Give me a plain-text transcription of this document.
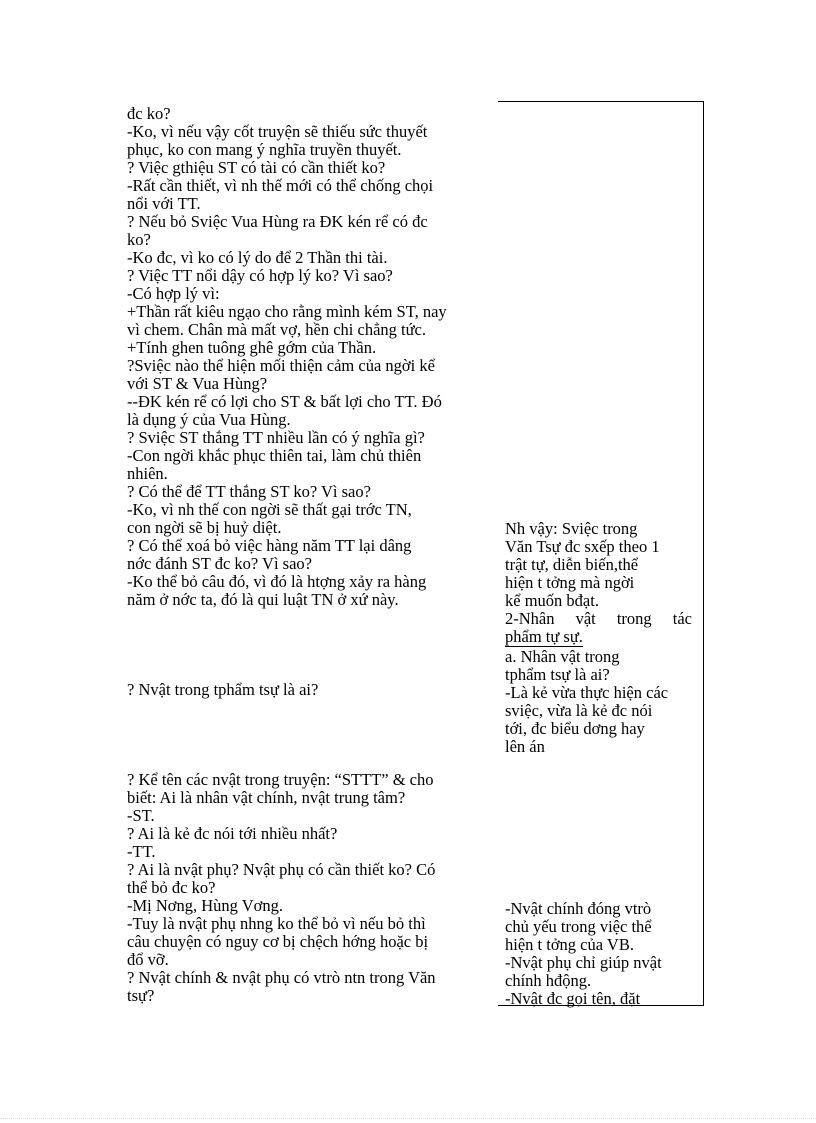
đc ko?
-Ko, vì nếu vậy cốt truyện sẽ thiếu sức thuyết
phục, ko con mang ý nghĩa truyền thuyết.
? Việc gthiệu ST có tài có cần thiết ko?
-Rất cần thiết, vì nh thế mới có thể chống chọi
nổi với TT.
? Nếu bỏ Sviệc Vua Hùng ra ĐK kén rể có đc
ko?
-Ko đc, vì ko có lý do để 2 Thần thi tài.
? Việc TT nổi dậy có hợp lý ko? Vì sao?
-Có hợp lý vì:
+Thần rất kiêu ngạo cho rằng mình kém ST, nay
vì chem. Chân mà mất vợ, hền chi chẳng tức.
+Tính ghen tuông ghê gớm của Thần.
?Sviệc nào thể hiện mối thiện cảm của ngời kể
với ST & Vua Hùng?
--ĐK kén rể có lợi cho ST & bất lợi cho TT. Đó
là dụng ý của Vua Hùng.
? Sviệc ST thắng TT nhiều lần có ý nghĩa gì?
-Con ngời khắc phục thiên tai, làm chủ thiên
nhiên.
? Có thể để TT thắng ST ko? Vì sao?
-Ko, vì nh thế con ngời sẽ thất gại trớc TN,
con ngời sẽ bị huỷ diệt.
? Có thể xoá bỏ việc hàng năm TT lại dâng
nớc đánh ST đc ko? Vì sao?
-Ko thể bỏ câu đó, vì đó là htợng xảy ra hàng
năm ở nớc ta, đó là qui luật TN ở xứ này.
? Nvật trong tphẩm tsự là ai?
? Kể tên các nvật trong truyện: “STTT” & cho
biết: Ai là nhân vật chính, nvật trung tâm?
-ST.
? Ai là kẻ đc nói tới nhiều nhất?
-TT.
? Ai là nvật phụ? Nvật phụ có cần thiết ko? Có
thể bỏ đc ko?
-Mị Nơng, Hùng Vơng.
-Tuy là nvật phụ nhng ko thể bỏ vì nếu bỏ thì
câu chuyện có nguy cơ bị chệch hớng hoặc bị
đổ vỡ.
? Nvật chính & nvật phụ có vtrò ntn trong Văn
tsự?
Nh vậy: Sviệc trong
Văn Tsự đc sxếp theo 1
trật tự, diễn biến,thể
hiện t tởng mà ngời
kể muốn bđạt.
2-Nhân vật trong tác
phẩm tự sự.
a. Nhân vật trong
tphẩm tsự là ai?
-Là kẻ vừa thực hiện các
sviệc, vừa là kẻ đc nói
tới, đc biểu dơng hay
lên án
-Nvật chính đóng vtrò
chủ yếu trong việc thể
hiện t tởng của VB.
-Nvật phụ chỉ giúp nvật
chính hđộng.
-Nvật đc gọi tên, đặt
